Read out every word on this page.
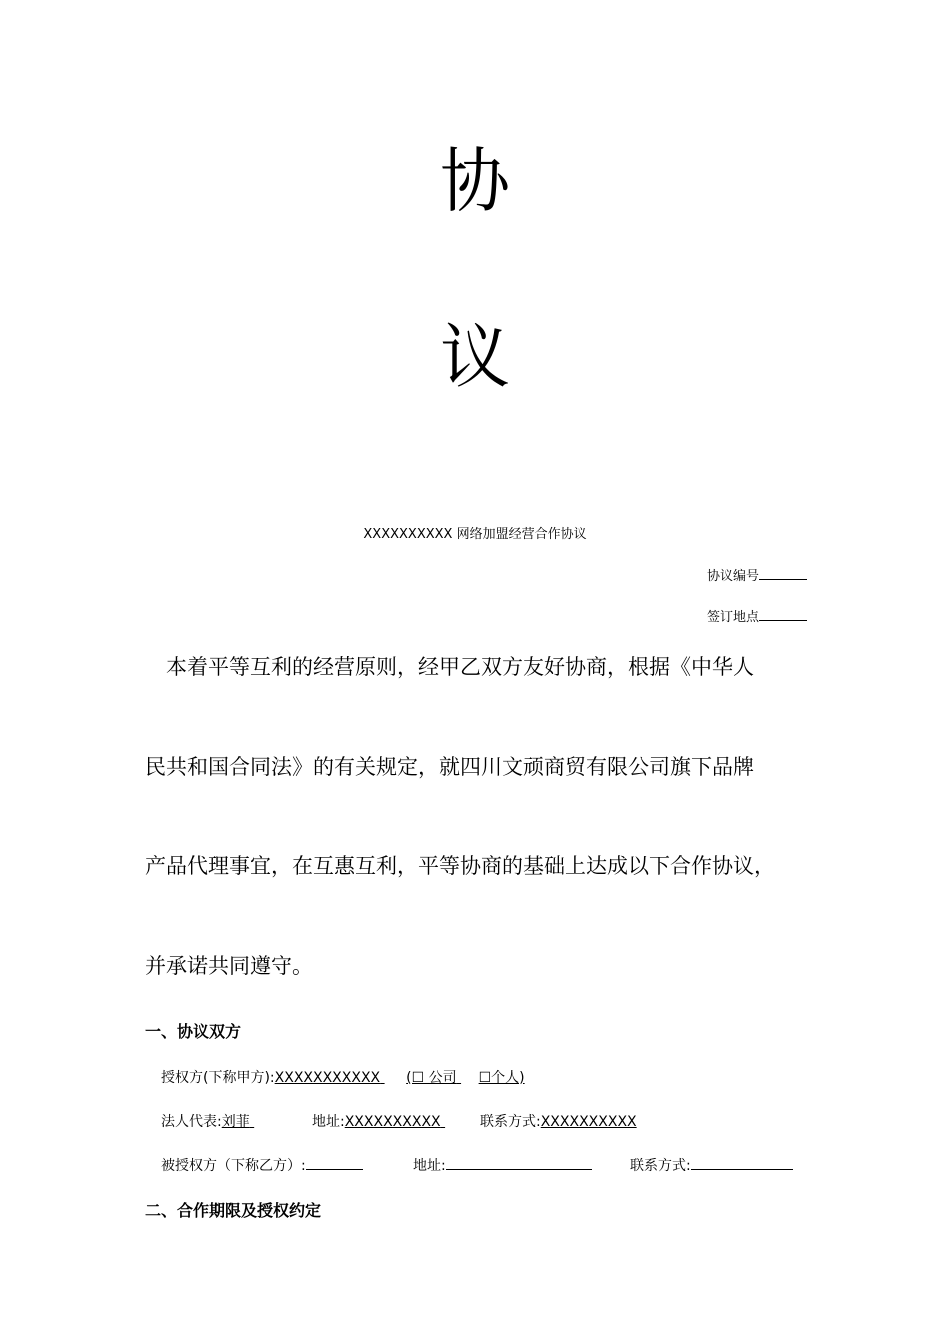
协
议
XXXXXXXXXX 网络加盟经营合作协议
协议编号
签订地点
本着平等互利的经营原则，经甲乙双方友好协商，根据《中华人
民共和国合同法》的有关规定，就四川文顽商贸有限公司旗下品牌
产品代理事宜，在互惠互利，平等协商的基础上达成以下合作协议，
并承诺共同遵守。
一、协议双方
授权方(下称甲方):XXXXXXXXXXX (☐ 公司 ☐个人)
法人代表:刘菲	地址:XXXXXXXXXX	联系方式:XXXXXXXXXX
被授权方（下称乙方）:	地址:	联系方式:
二、合作期限及授权约定
